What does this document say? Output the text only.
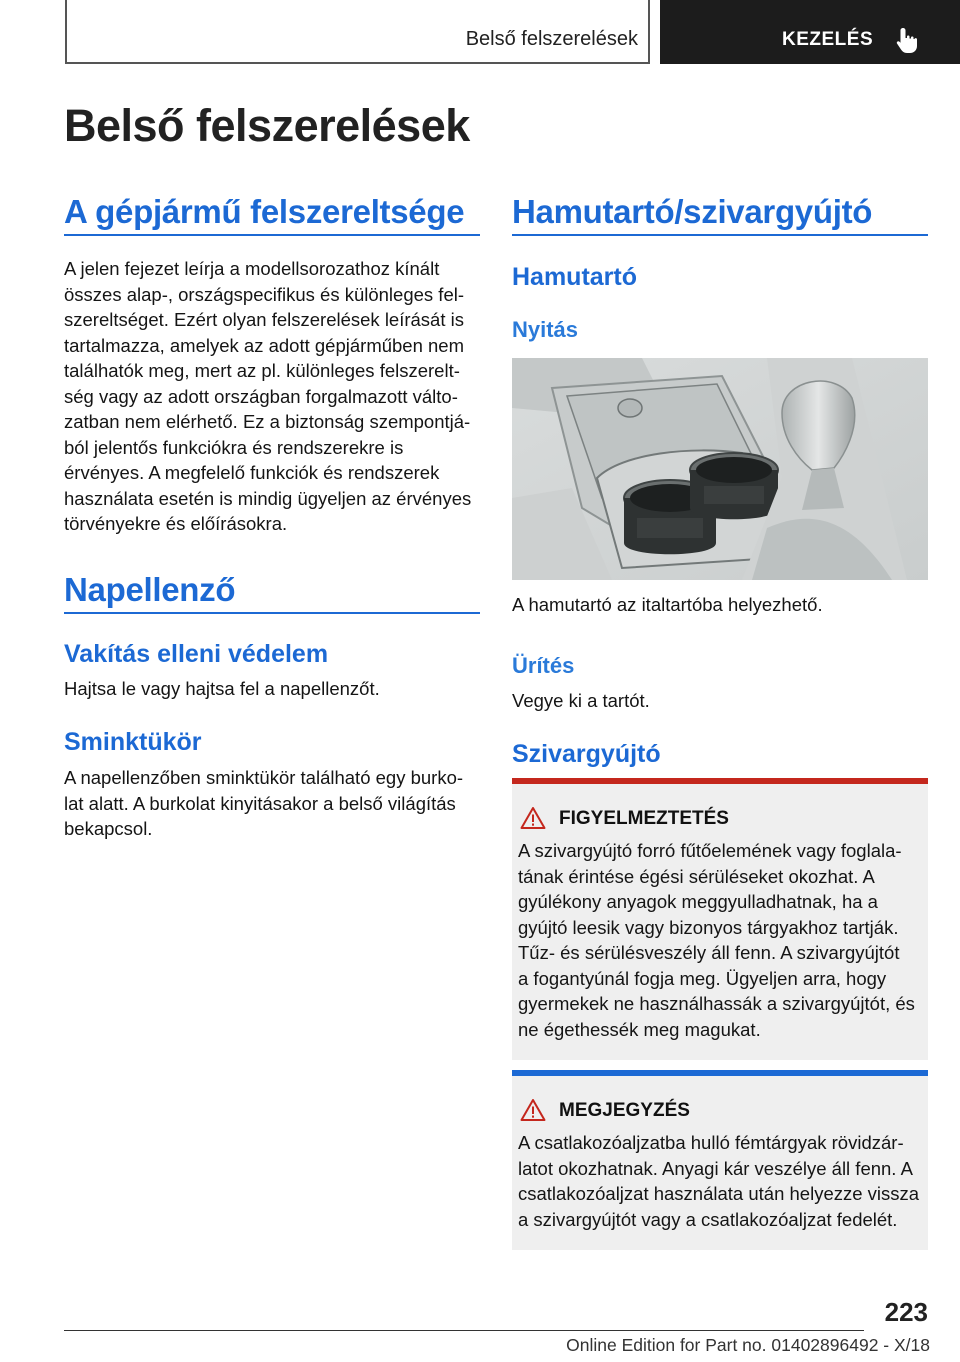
Belső felszerelések	KEZELÉS
Belső felszerelések
A gépjármű felszereltsége
A jelen fejezet leírja a modellsorozathoz kínált
összes alap-, országspecifikus és különleges fel-
szereltséget. Ezért olyan felszerelések leírását is
tartalmazza, amelyek az adott gépjárműben nem
találhatók meg, mert az pl. különleges felszerelt-
ség vagy az adott országban forgalmazott válto-
zatban nem elérhető. Ez a biztonság szempontjá-
ból jelentős funkciókra és rendszerekre is
érvényes. A megfelelő funkciók és rendszerek
használata esetén is mindig ügyeljen az érvényes
törvényekre és előírásokra.
Napellenző
Vakítás elleni védelem
Hajtsa le vagy hajtsa fel a napellenzőt.
Sminktükör
A napellenzőben sminktükör található egy burko-
lat alatt. A burkolat kinyitásakor a belső világítás
bekapcsol.
Hamutartó/szivargyújtó
Hamutartó
Nyitás
A hamutartó az italtartóba helyezhető.
Ürítés
Vegye ki a tartót.
Szivargyújtó
FIGYELMEZTETÉS
A szivargyújtó forró fűtőelemének vagy foglala-
tának érintése égési sérüléseket okozhat. A
gyúlékony anyagok meggyulladhatnak, ha a
gyújtó leesik vagy bizonyos tárgyakhoz tartják.
Tűz- és sérülésveszély áll fenn. A szivargyújtót
a fogantyúnál fogja meg. Ügyeljen arra, hogy
gyermekek ne használhassák a szivargyújtót, és
ne égethessék meg magukat.
MEGJEGYZÉS
A csatlakozóaljzatba hulló fémtárgyak rövidzár-
latot okozhatnak. Anyagi kár veszélye áll fenn. A
csatlakozóaljzat használata után helyezze vissza
a szivargyújtót vagy a csatlakozóaljzat fedelét.
223
Online Edition for Part no. 01402896492 - X/18
